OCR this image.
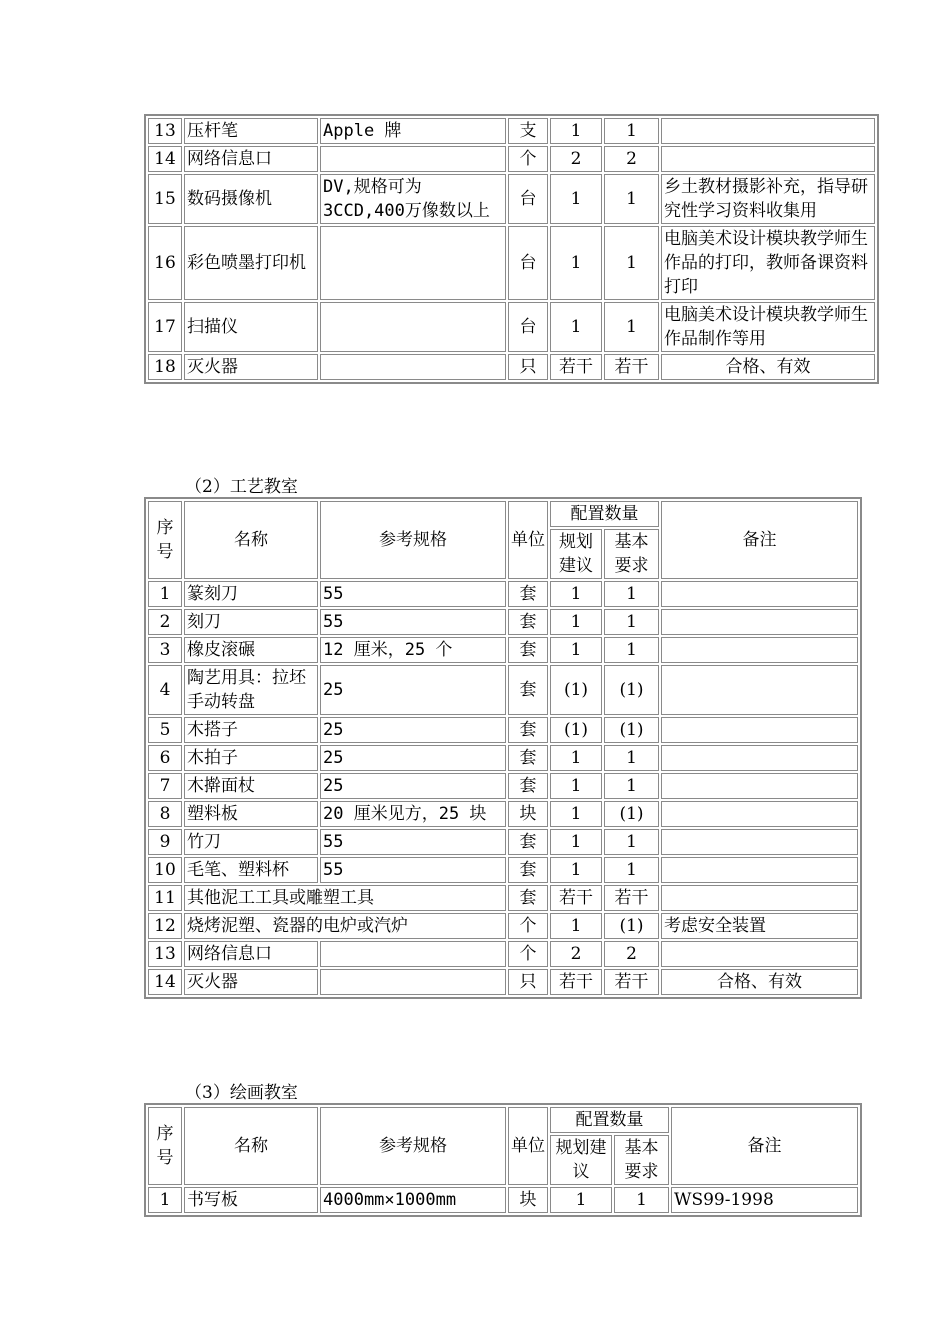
13	压杆笔	Apple 牌	支	1	1	
14	网络信息口		个	2	2	
15	数码摄像机	DV,规格可为3CCD,400万像数以上	台	1	1	乡土教材摄影补充，指导研究性学习资料收集用
16	彩色喷墨打印机		台	1	1	电脑美术设计模块教学师生作品的打印，教师备课资料打印
17	扫描仪		台	1	1	电脑美术设计模块教学师生作品制作等用
18	灭火器		只	若干	若干	合格、有效
（2）工艺教室
序号	名称	参考规格	单位	配置数量		备注
				规划建议	基本要求	
1	篆刻刀	55	套	1	1	
2	刻刀	55	套	1	1	
3	橡皮滚碾	12 厘米，25 个	套	1	1	
4	陶艺用具：拉坯手动转盘	25	套	(1)	(1)	
5	木搭子	25	套	(1)	(1)	
6	木拍子	25	套	1	1	
7	木擀面杖	25	套	1	1	
8	塑料板	20 厘米见方，25 块	块	1	(1)	
9	竹刀	55	套	1	1	
10	毛笔、塑料杯	55	套	1	1	
11	其他泥工工具或雕塑工具		套	若干	若干	
12	烧烤泥塑、瓷器的电炉或汽炉		个	1	(1)	考虑安全装置
13	网络信息口		个	2	2	
14	灭火器		只	若干	若干	合格、有效
（3）绘画教室
序号	名称	参考规格	单位	配置数量		备注
				规划建议	基本要求	
1	书写板	4000mm×1000mm	块	1	1	WS99-1998
